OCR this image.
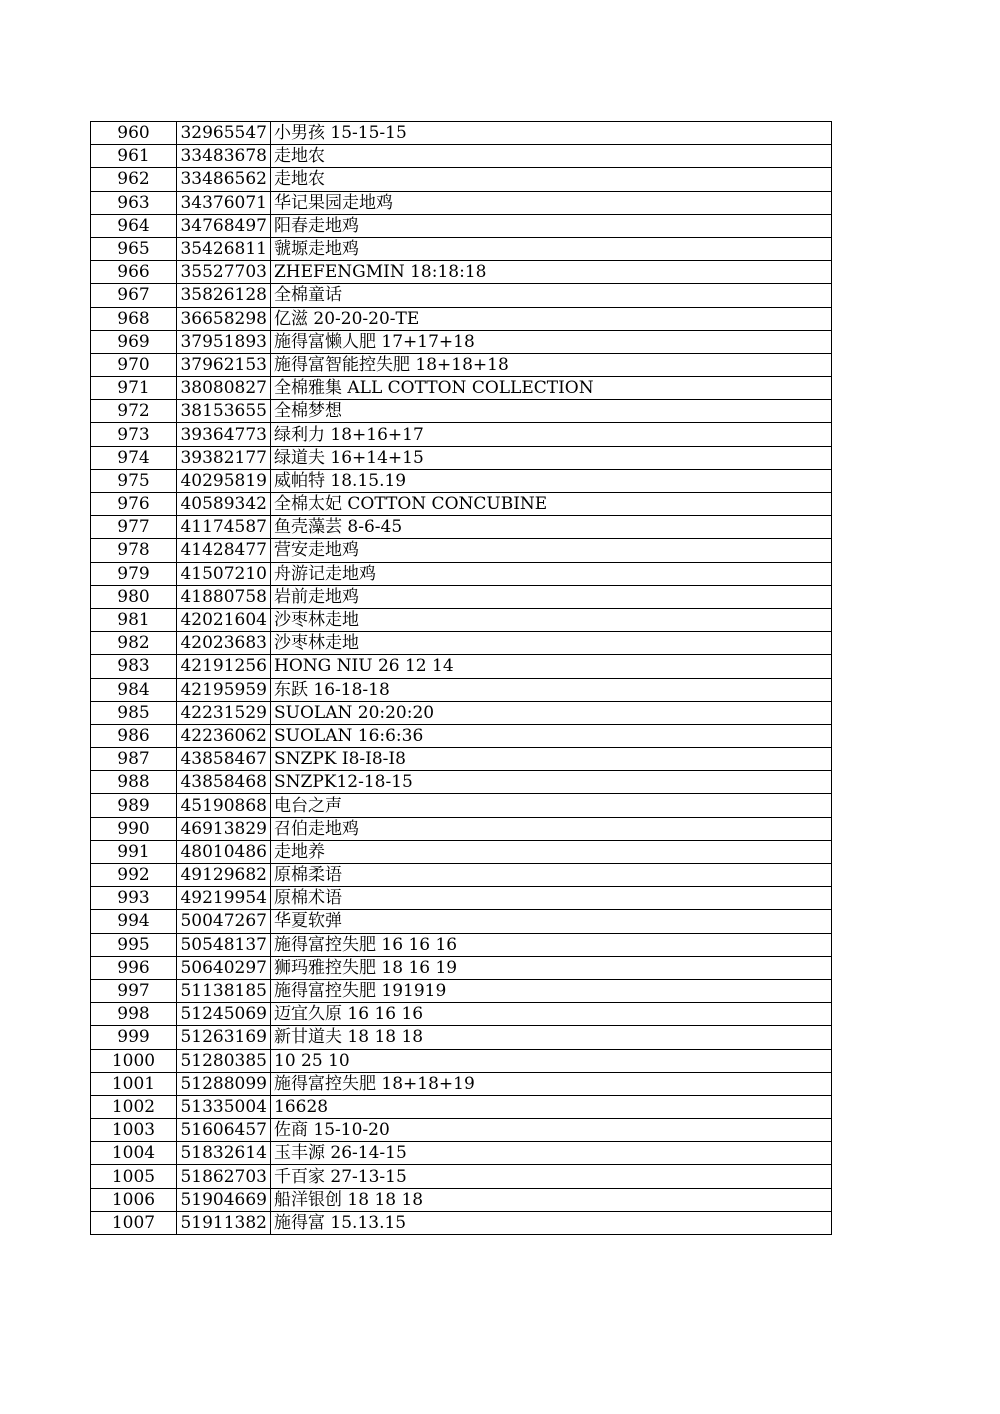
960	32965547	小男孩 15-15-15
961	33483678	走地农
962	33486562	走地农
963	34376071	华记果园走地鸡
964	34768497	阳春走地鸡
965	35426811	虢塬走地鸡
966	35527703	ZHEFENGMIN 18:18:18
967	35826128	全棉童话
968	36658298	亿滋 20-20-20-TE
969	37951893	施得富懒人肥 17+17+18
970	37962153	施得富智能控失肥 18+18+18
971	38080827	全棉雅集 ALL COTTON COLLECTION
972	38153655	全棉梦想
973	39364773	绿利力 18+16+17
974	39382177	绿道夫 16+14+15
975	40295819	威帕特 18.15.19
976	40589342	全棉太妃 COTTON CONCUBINE
977	41174587	鱼壳藻芸 8-6-45
978	41428477	营安走地鸡
979	41507210	舟游记走地鸡
980	41880758	岩前走地鸡
981	42021604	沙枣林走地
982	42023683	沙枣林走地
983	42191256	HONG NIU 26 12 14
984	42195959	东跃 16-18-18
985	42231529	SUOLAN 20:20:20
986	42236062	SUOLAN 16:6:36
987	43858467	SNZPK I8-I8-I8
988	43858468	SNZPK12-18-15
989	45190868	电台之声
990	46913829	召伯走地鸡
991	48010486	走地养
992	49129682	原棉柔语
993	49219954	原棉术语
994	50047267	华夏软弹
995	50548137	施得富控失肥 16 16 16
996	50640297	狮玛雅控失肥 18 16 19
997	51138185	施得富控失肥 191919
998	51245069	迈宜久原 16 16 16
999	51263169	新甘道夫 18 18 18
1000	51280385	10 25 10
1001	51288099	施得富控失肥 18+18+19
1002	51335004	16628
1003	51606457	佐商 15-10-20
1004	51832614	玉丰源 26-14-15
1005	51862703	千百家 27-13-15
1006	51904669	船洋银创 18 18 18
1007	51911382	施得富 15.13.15
